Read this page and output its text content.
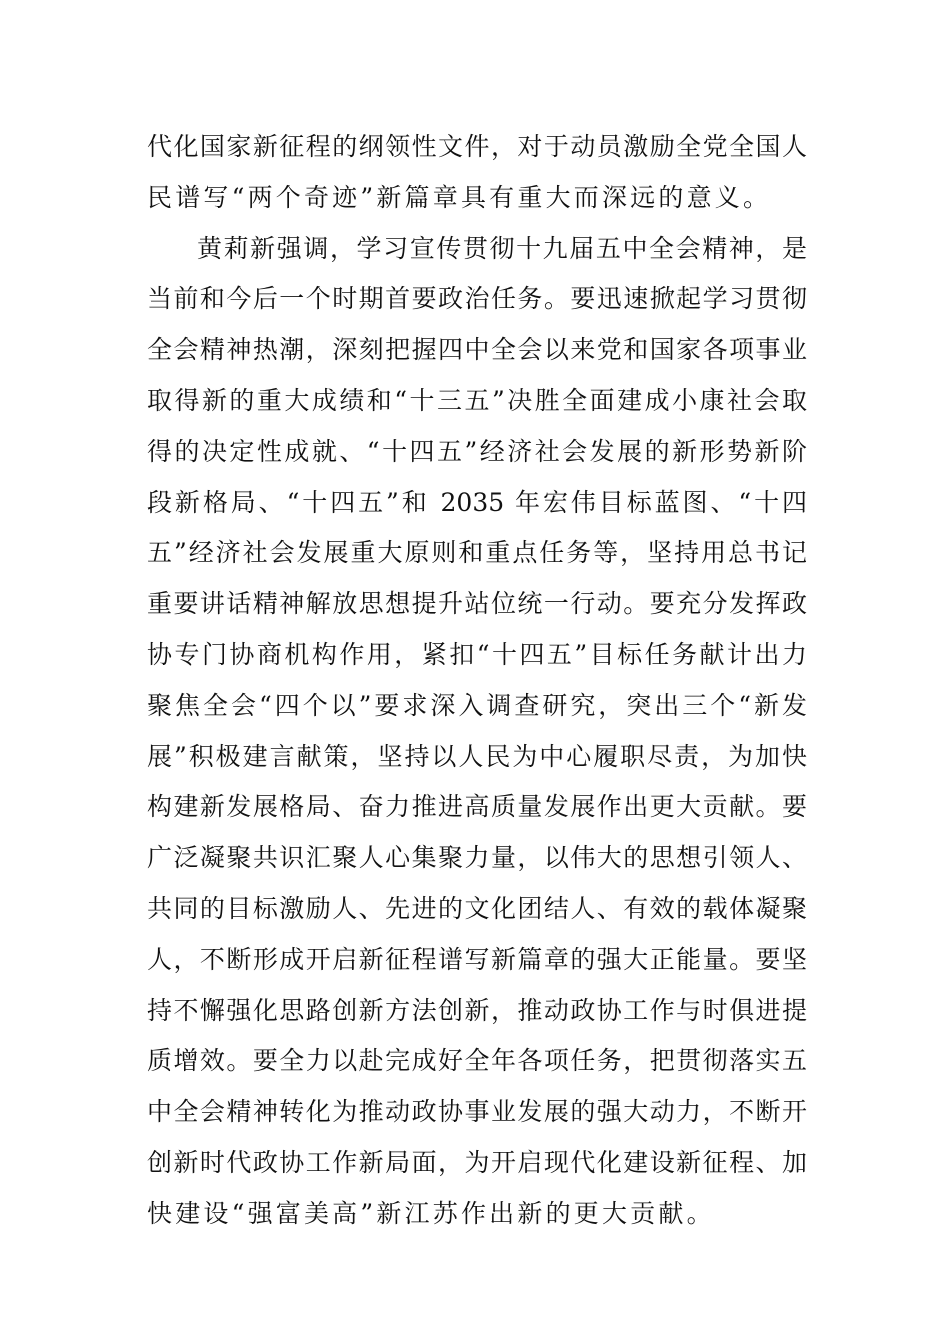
代化国家新征程的纲领性文件，对于动员激励全党全国人
民谱写“两个奇迹”新篇章具有重大而深远的意义。
黄莉新强调，学习宣传贯彻十九届五中全会精神，是
当前和今后一个时期首要政治任务。要迅速掀起学习贯彻
全会精神热潮，深刻把握四中全会以来党和国家各项事业
取得新的重大成绩和“十三五”决胜全面建成小康社会取
得的决定性成就、“十四五”经济社会发展的新形势新阶
段新格局、“十四五”和 2035 年宏伟目标蓝图、“十四
五”经济社会发展重大原则和重点任务等，坚持用总书记
重要讲话精神解放思想提升站位统一行动。要充分发挥政
协专门协商机构作用，紧扣“十四五”目标任务献计出力
聚焦全会“四个以”要求深入调查研究，突出三个“新发
展”积极建言献策，坚持以人民为中心履职尽责，为加快
构建新发展格局、奋力推进高质量发展作出更大贡献。要
广泛凝聚共识汇聚人心集聚力量，以伟大的思想引领人、
共同的目标激励人、先进的文化团结人、有效的载体凝聚
人，不断形成开启新征程谱写新篇章的强大正能量。要坚
持不懈强化思路创新方法创新，推动政协工作与时俱进提
质增效。要全力以赴完成好全年各项任务，把贯彻落实五
中全会精神转化为推动政协事业发展的强大动力，不断开
创新时代政协工作新局面，为开启现代化建设新征程、加
快建设“强富美高”新江苏作出新的更大贡献。
